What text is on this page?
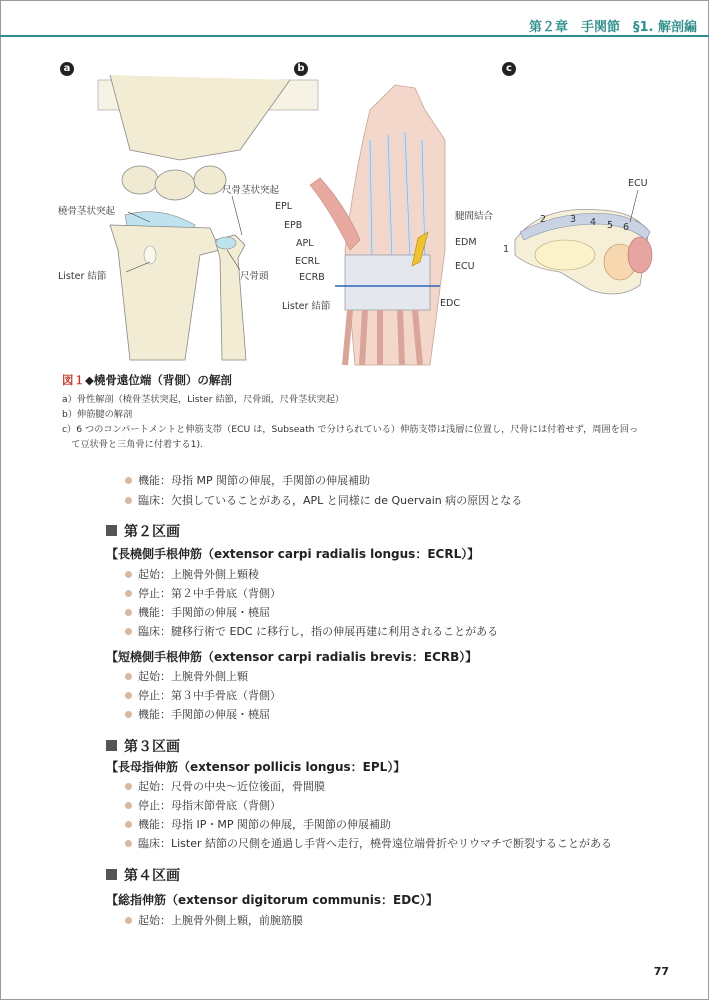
第２章　手関節　§1. 解剖編
a	b	c
尺骨茎状突起
橈骨茎状突起
Lister 結節	尺骨頭
EPL
EPB
APL
ECRL
ECRB
Lister 結節
腱間結合
EDM
ECU
EDC
ECU
1
2	3 4 5 6
図１◆橈骨遠位端（背側）の解剖
a）骨性解剖（橈骨茎状突起，Lister 結節，尺骨頭，尺骨茎状突起）
b）伸筋腱の解剖
c）6 つのコンパートメントと伸筋支帯（ECU は，Subseath で分けられている）伸筋支帯は浅層に位置し，尺骨には付着せず，周囲を回っ
　て豆状骨と三角骨に付着する1).
機能：母指 MP 関節の伸展，手関節の伸展補助
臨床：欠損していることがある，APL と同様に de Quervain 病の原因となる
第２区画
【長橈側手根伸筋（extensor carpi radialis longus：ECRL）】
起始：上腕骨外側上顆稜
停止：第２中手骨底（背側）
機能：手関節の伸展・橈屈
臨床：腱移行術で EDC に移行し，指の伸展再建に利用されることがある
【短橈側手根伸筋（extensor carpi radialis brevis：ECRB）】
起始：上腕骨外側上顆
停止：第３中手骨底（背側）
機能：手関節の伸展・橈屈
第３区画
【長母指伸筋（extensor pollicis longus：EPL）】
起始：尺骨の中央～近位後面，骨間膜
停止：母指末節骨底（背側）
機能：母指 IP・MP 関節の伸展，手関節の伸展補助
臨床：Lister 結節の尺側を通過し手背へ走行，橈骨遠位端骨折やリウマチで断裂することがある
第４区画
【総指伸筋（extensor digitorum communis：EDC）】
起始：上腕骨外側上顆，前腕筋膜
77
